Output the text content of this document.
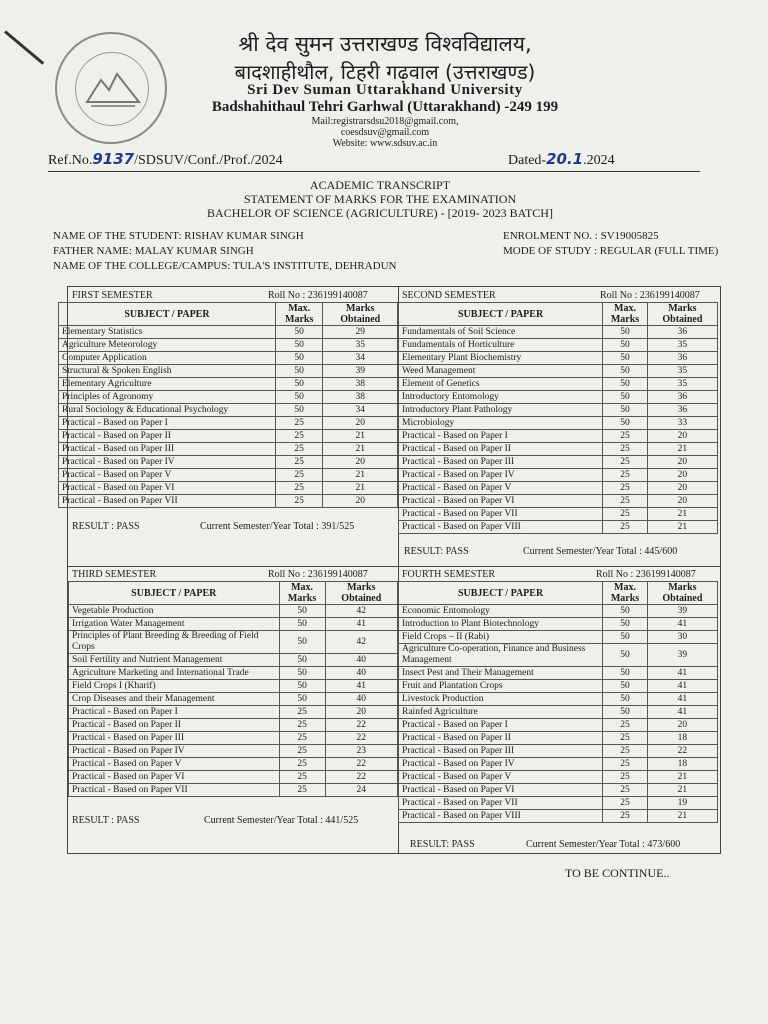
श्री देव सुमन उत्तराखण्ड विश्वविद्यालय,
बादशाहीथौल, टिहरी गढ़वाल (उत्तराखण्ड)
Sri Dev Suman Uttarakhand University
Badshahithaul Tehri Garhwal (Uttarakhand) -249 199
Mail:registrarsdsu2018@gmail.com,
coesdsuv@gmail.com
Website: www.sdsuv.ac.in
Ref.No.9137/SDSUV/Conf./Prof./2024	Dated-20.1.2024
ACADEMIC TRANSCRIPT
STATEMENT OF MARKS FOR THE EXAMINATION
BACHELOR OF SCIENCE (AGRICULTURE) - [2019- 2023 BATCH]
NAME OF THE STUDENT: RISHAV KUMAR SINGH
FATHER NAME: MALAY KUMAR SINGH
NAME OF THE COLLEGE/CAMPUS: TULA'S INSTITUTE, DEHRADUN
ENROLMENT NO. : SV19005825
MODE OF STUDY : REGULAR (FULL TIME)
FIRST SEMESTER	Roll No : 236199140087	SECOND SEMESTER	Roll No : 236199140087
THIRD SEMESTER	Roll No : 236199140087	FOURTH SEMESTER	Roll No : 236199140087
SUBJECT / PAPER	Max. Marks	Marks Obtained
Elementary Statistics	50	29
Agriculture Meteorology	50	35
Computer Application	50	34
Structural & Spoken English	50	39
Elementary Agriculture	50	38
Principles of Agronomy	50	38
Rural Sociology & Educational Psychology	50	34
Practical - Based on Paper I	25	20
Practical - Based on Paper II	25	21
Practical - Based on Paper III	25	21
Practical - Based on Paper IV	25	20
Practical - Based on Paper V	25	21
Practical - Based on Paper VI	25	21
Practical - Based on Paper VII	25	20
SUBJECT / PAPER	Max. Marks	Marks Obtained
Fundamentals of Soil Science	50	36
Fundamentals of Horticulture	50	35
Elementary Plant Biochemistry	50	36
Weed Management	50	35
Element of Genetics	50	35
Introductory Entomology	50	36
Introductory Plant Pathology	50	36
Microbiology	50	33
Practical - Based on Paper I	25	20
Practical - Based on Paper II	25	21
Practical - Based on Paper III	25	20
Practical - Based on Paper IV	25	20
Practical - Based on Paper V	25	20
Practical - Based on Paper VI	25	20
Practical - Based on Paper VII	25	21
Practical - Based on Paper VIII	25	21
SUBJECT / PAPER	Max. Marks	Marks Obtained
Vegetable Production	50	42
Irrigation Water Management	50	41
Principles of Plant Breeding & Breeding of Field Crops	50	42
Soil Fertility and Nutrient Management	50	40
Agriculture Marketing and International Trade	50	40
Field Crops I (Kharif)	50	41
Crop Diseases and their Management	50	40
Practical - Based on Paper I	25	20
Practical - Based on Paper II	25	22
Practical - Based on Paper III	25	22
Practical - Based on Paper IV	25	23
Practical - Based on Paper V	25	22
Practical - Based on Paper VI	25	22
Practical - Based on Paper VII	25	24
SUBJECT / PAPER	Max. Marks	Marks Obtained
Economic Entomology	50	39
Introduction to Plant Biotechnology	50	41
Field Crops – II (Rabi)	50	30
Agriculture Co-operation, Finance and Business Management	50	39
Insect Pest and Their Management	50	41
Fruit and Plantation Crops	50	41
Livestock Production	50	41
Rainfed Agriculture	50	41
Practical - Based on Paper I	25	20
Practical - Based on Paper II	25	18
Practical - Based on Paper III	25	22
Practical - Based on Paper IV	25	18
Practical - Based on Paper V	25	21
Practical - Based on Paper VI	25	21
Practical - Based on Paper VII	25	19
Practical - Based on Paper VIII	25	21
RESULT : PASS	Current Semester/Year Total : 391/525
RESULT: PASS	Current Semester/Year Total : 445/600
RESULT : PASS	Current Semester/Year Total : 441/525
RESULT: PASS	Current Semester/Year Total : 473/600
TO BE CONTINUE..
